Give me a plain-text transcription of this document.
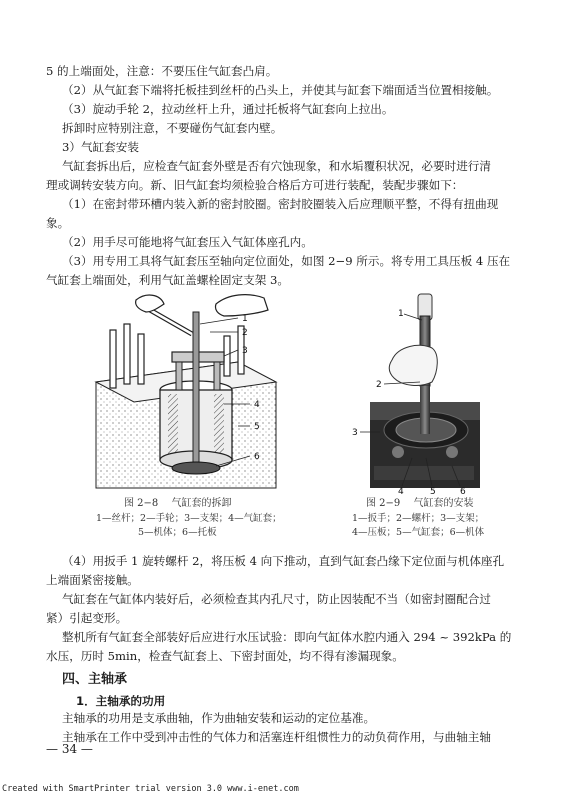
5 的上端面处，注意：不要压住气缸套凸肩。
（2）从气缸套下端将托板挂到丝杆的凸头上，并使其与缸套下端面适当位置相接触。
（3）旋动手轮 2，拉动丝杆上升，通过托板将气缸套向上拉出。
拆卸时应特别注意，不要碰伤气缸套内壁。
3）气缸套安装
气缸套拆出后，应检查气缸套外壁是否有穴蚀现象，和水垢覆积状况，必要时进行清
理或调转安装方向。新、旧气缸套均须检验合格后方可进行装配，装配步骤如下：
（1）在密封带环槽内装入新的密封胶圈。密封胶圈装入后应理顺平整，不得有扭曲现
象。
（2）用手尽可能地将气缸套压入气缸体座孔内。
（3）用专用工具将气缸套压至轴向定位面处，如图 2−9 所示。将专用工具压板 4 压在
气缸套上端面处，利用气缸盖螺栓固定支架 3。
1
2
3
4
5
6
图 2−8　 气缸套的拆卸
1—丝杆；2—手轮；3—支架；4—气缸套；
5—机体；6—托板
1
2
3
4	5	6
图 2−9　 气缸套的安装
1—扳手；2—螺杆；3—支架；
4—压板；5—气缸套；6—机体
（4）用扳手 1 旋转螺杆 2，将压板 4 向下推动，直到气缸套凸缘下定位面与机体座孔
上端面紧密接触。
气缸套在气缸体内装好后，必须检查其内孔尺寸，防止因装配不当（如密封圈配合过
紧）引起变形。
整机所有气缸套全部装好后应进行水压试验：即向气缸体水腔内通入 294 ~ 392kPa 的
水压，历时 5min，检查气缸套上、下密封面处，均不得有渗漏现象。
四、主轴承
1．主轴承的功用
主轴承的功用是支承曲轴，作为曲轴安装和运动的定位基准。
主轴承在工作中受到冲击性的气体力和活塞连杆组惯性力的动负荷作用，与曲轴主轴
— 34 —
Created with SmartPrinter trial version 3.0 www.i-enet.com
